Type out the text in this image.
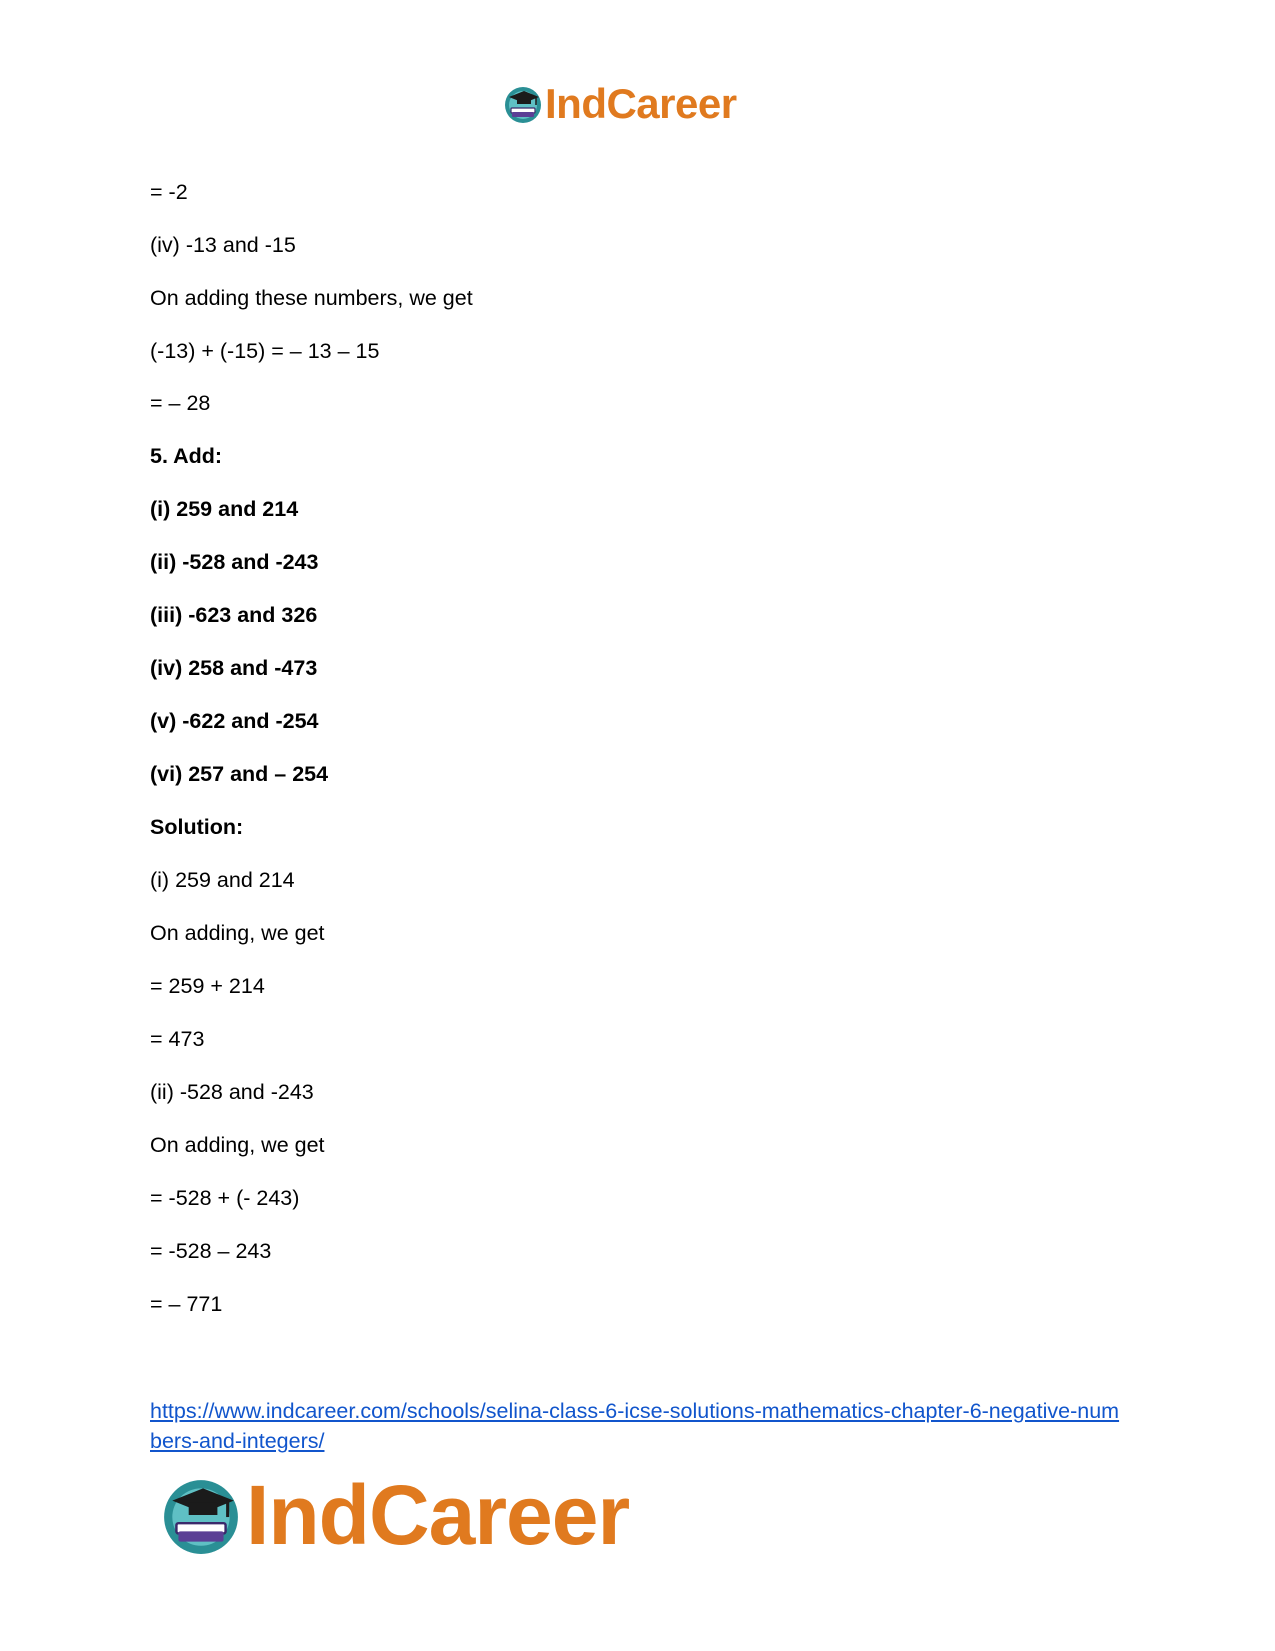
IndCareer
= -2
(iv) -13 and -15
On adding these numbers, we get
(-13) + (-15) = – 13 – 15
= – 28
5. Add:
(i) 259 and 214
(ii) -528 and -243
(iii) -623 and 326
(iv) 258 and -473
(v) -622 and -254
(vi) 257 and – 254
Solution:
(i) 259 and 214
On adding, we get
= 259 + 214
= 473
(ii) -528 and -243
On adding, we get
= -528 + (- 243)
= -528 – 243
= – 771
https://www.indcareer.com/schools/selina-class-6-icse-solutions-mathematics-chapter-6-negative-numbers-and-integers/
IndCareer
